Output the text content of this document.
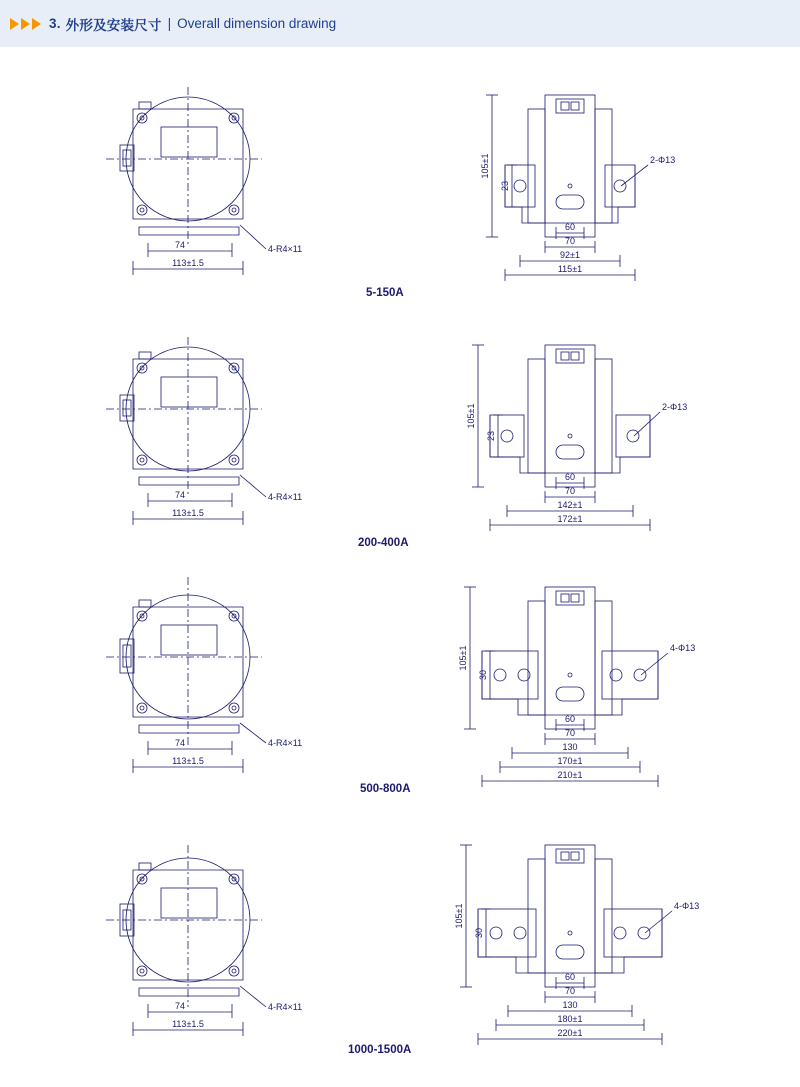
3. 外形及安装尺寸 | Overall dimension drawing
4-R4×11
74
113±1.5
2-Φ13
105±1
23
60
70
92±1
115±1
5-150A
4-R4×11
74
113±1.5
2-Φ13
105±1
23
60
70
142±1
172±1
200-400A
4-R4×11
74
113±1.5
4-Φ13
105±1
30
60
70
130
170±1
210±1
500-800A
4-R4×11
74
113±1.5
4-Φ13
105±1
30
60
70
130
180±1
220±1
1000-1500A
